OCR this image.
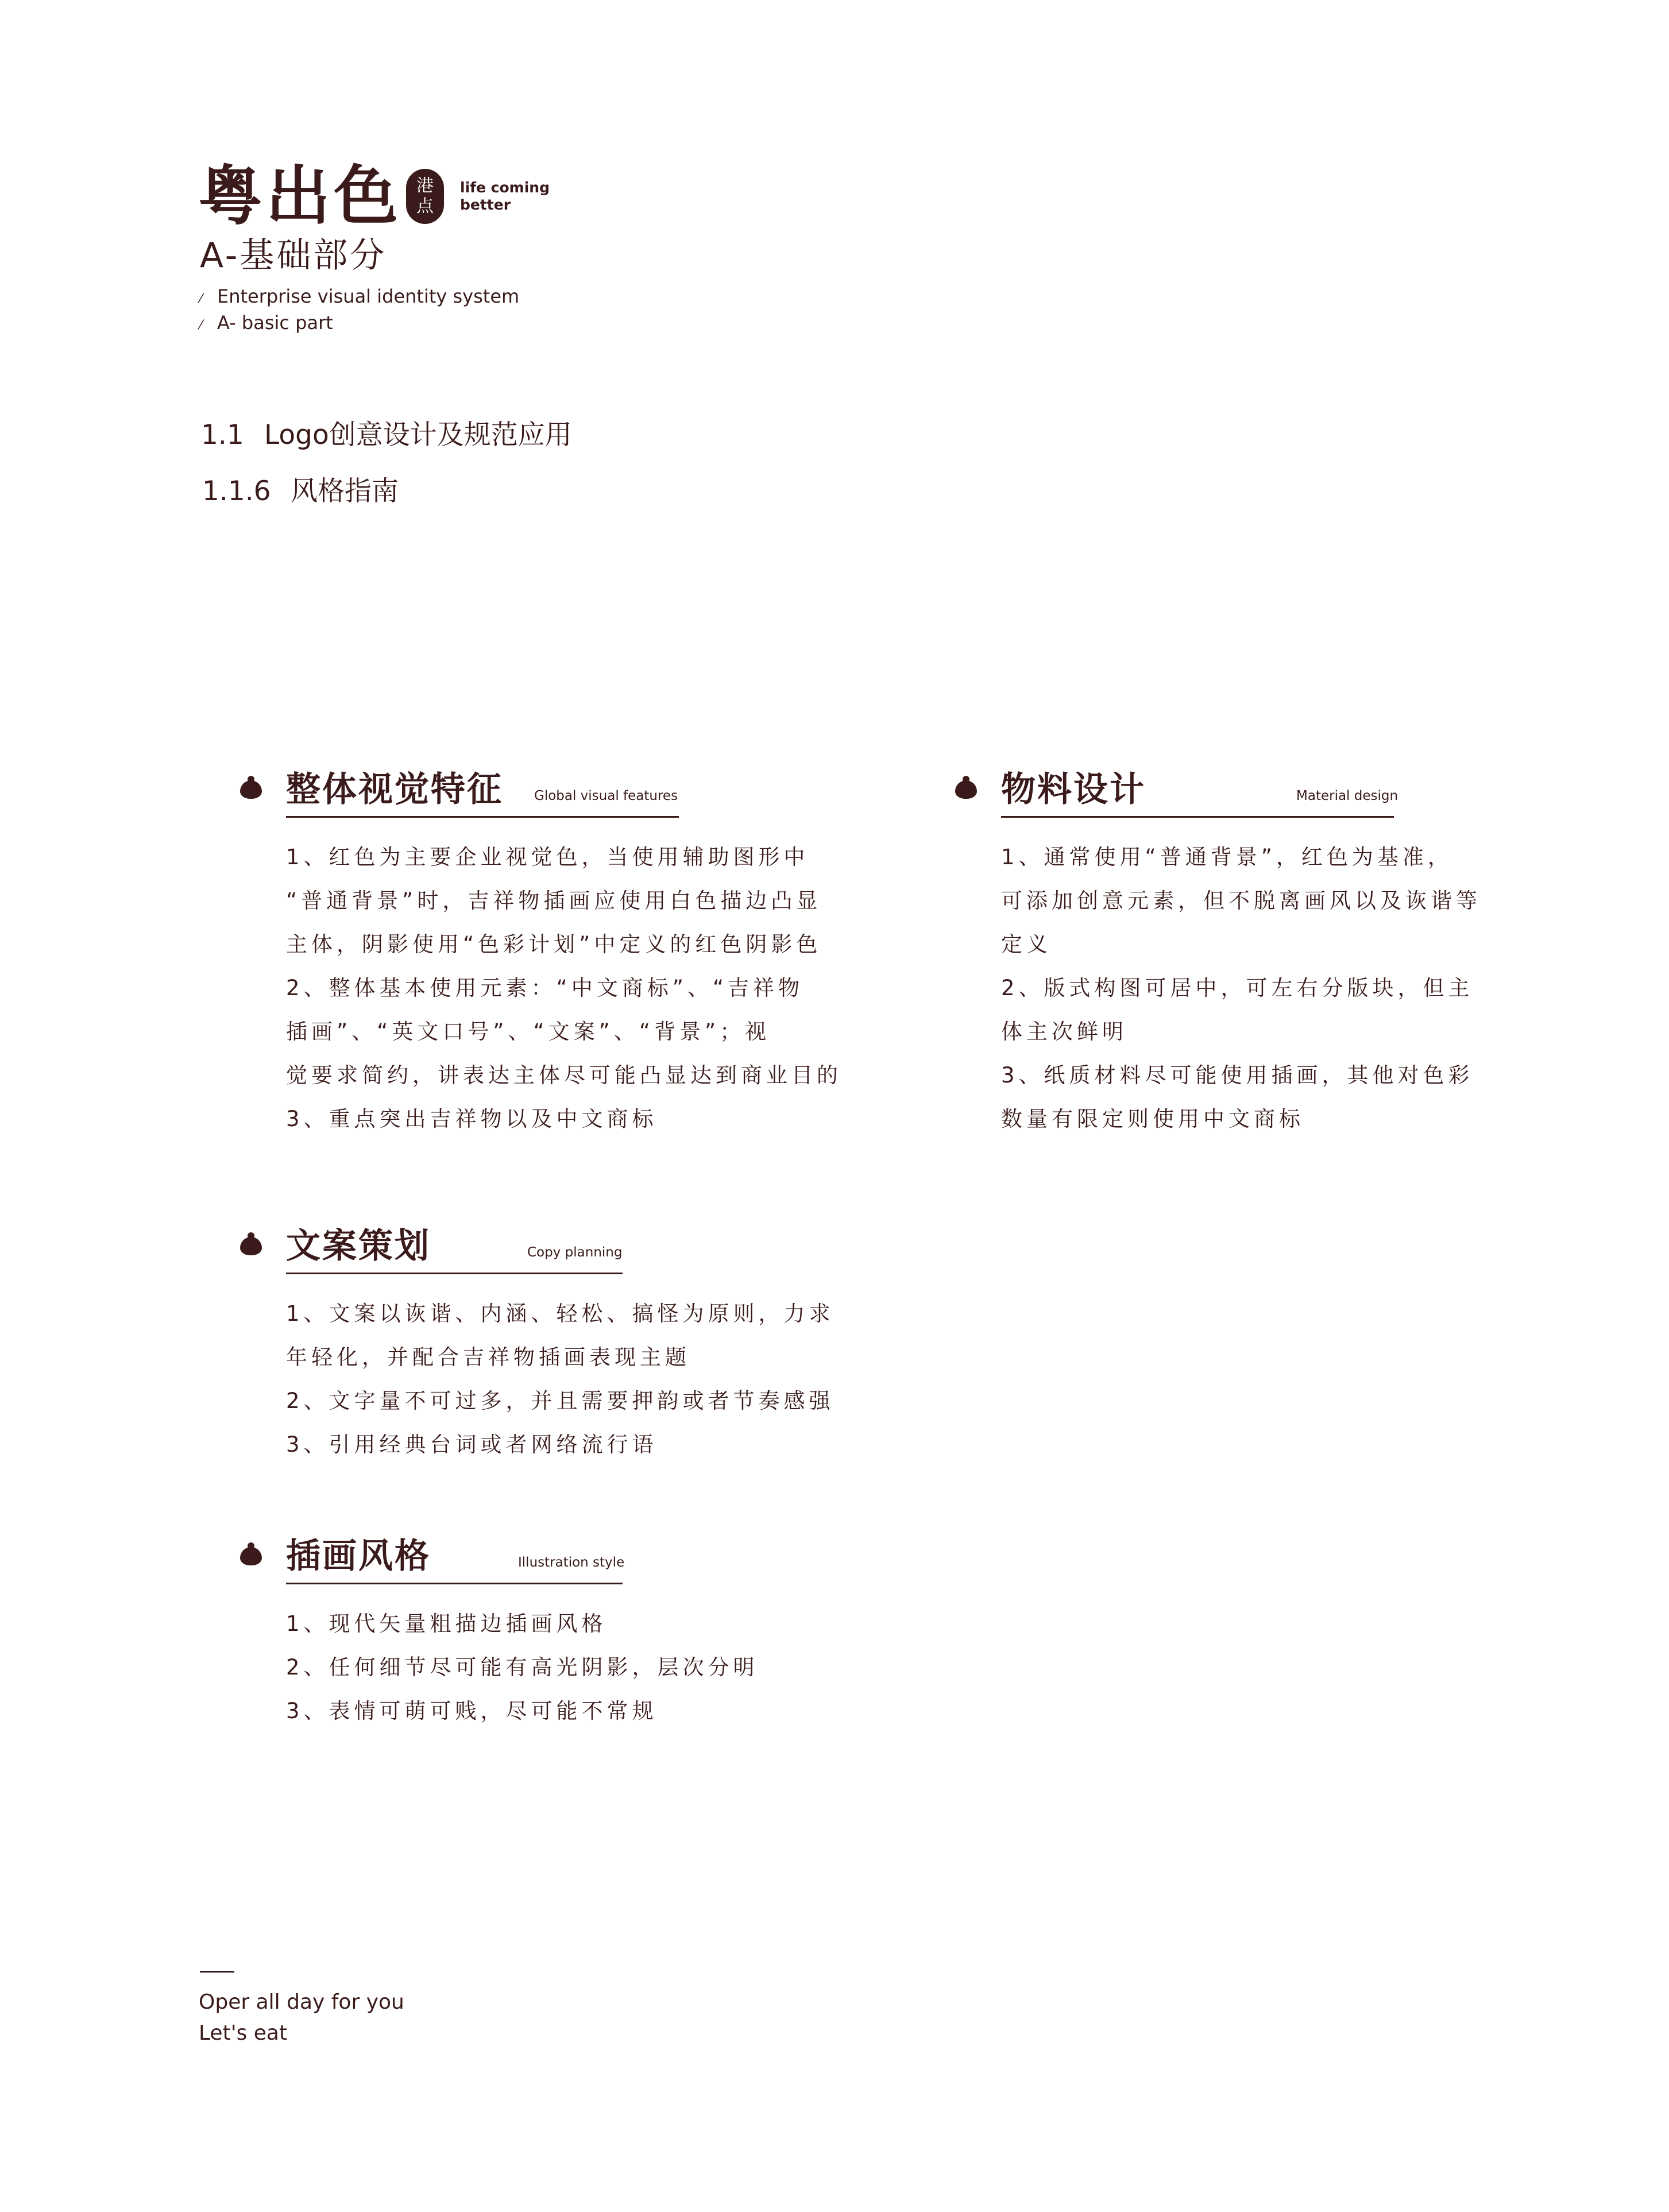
粤出色 港
点
life coming
better
A-基础部分
⁄ Enterprise visual identity system
⁄ A- basic part
1.1 Logo创意设计及规范应用
1.1.6 风格指南
整体视觉特征 Global visual features
1、红色为主要企业视觉色，当使用辅助图形中
“普通背景”时，吉祥物插画应使用白色描边凸显
主体，阴影使用“色彩计划”中定义的红色阴影色
2、整体基本使用元素：“中文商标”、“吉祥物
插画”、“英文口号”、“文案”、“背景”；视
觉要求简约，讲表达主体尽可能凸显达到商业目的
3、重点突出吉祥物以及中文商标
物料设计	Material design
1、通常使用“普通背景”，红色为基准，
可添加创意元素，但不脱离画风以及诙谐等
定义
2、版式构图可居中，可左右分版块，但主
体主次鲜明
3、纸质材料尽可能使用插画，其他对色彩
数量有限定则使用中文商标
文案策划	Copy planning
1、文案以诙谐、内涵、轻松、搞怪为原则，力求
年轻化，并配合吉祥物插画表现主题
2、文字量不可过多，并且需要押韵或者节奏感强
3、引用经典台词或者网络流行语
插画风格	Illustration style
1、现代矢量粗描边插画风格
2、任何细节尽可能有高光阴影，层次分明
3、表情可萌可贱，尽可能不常规
Oper all day for you
Let's eat
